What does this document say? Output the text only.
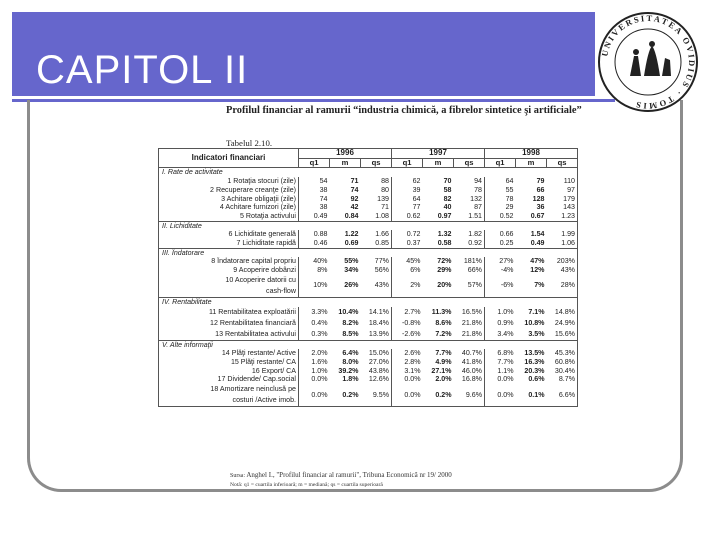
CAPITOL II	UNIVERSITATEA OVIDIUS · TOMIS
Profilul financiar al ramurii “industria chimică, a fibrelor sintetice şi artificiale”
Tabelul 2.10.
Indicatori financiari	1996			1997			1998		
	q1	m	qs	q1	m	qs	q1	m	qs
I. Rate de activitate									
1 Rotaţia stocuri (zile)	54	71	88	62	70	94	64	79	110
2 Recuperare creanţe (zile)	38	74	80	39	58	78	55	66	97
3 Achitare obligaţii (zile)	74	92	139	64	82	132	78	128	179
4 Achitare furnizori (zile)	38	42	71	77	40	87	29	36	143
5 Rotaţia activului	0.49	0.84	1.08	0.62	0.97	1.51	0.52	0.67	1.23
II. Lichiditate									
6 Lichiditate generală	0.88	1.22	1.66	0.72	1.32	1.82	0.66	1.54	1.99
7 Lichiditate rapidă	0.46	0.69	0.85	0.37	0.58	0.92	0.25	0.49	1.06
III. Îndatorare									
8 Îndatorare capital propriu	40%	55%	77%	45%	72%	181%	27%	47%	203%
9 Acoperire dobânzi	8%	34%	56%	6%	29%	66%	-4%	12%	43%
10 Acoperire datorii cu
cash-flow	10%	26%	43%	2%	20%	57%	-6%	7%	28%
IV. Rentabilitate									
11 Rentabilitatea exploatării	3.3%	10.4%	14.1%	2.7%	11.3%	16.5%	1.0%	7.1%	14.8%
12 Rentabilitatea financiară	0.4%	8.2%	18.4%	-0.8%	8.6%	21.8%	0.9%	10.8%	24.9%
13 Rentabilitatea activului	0.3%	8.5%	13.9%	-2.6%	7.2%	21.8%	3.4%	3.5%	15.6%
V. Alte informaţii									
14 Plăţi restante/ Active	2.0%	6.4%	15.0%	2.6%	7.7%	40.7%	6.8%	13.5%	45.3%
15 Plăţi restante/ CA	1.6%	8.0%	27.0%	2.8%	4.9%	41.8%	7.7%	16.3%	60.8%
16 Export/ CA	1.0%	39.2%	43.8%	3.1%	27.1%	46.0%	1.1%	20.3%	30.4%
17 Dividende/ Cap.social	0.0%	1.8%	12.6%	0.0%	2.0%	16.8%	0.0%	0.6%	8.7%
18 Amortizare neinclusă pe
costuri /Active imob.	0.0%	0.2%	9.5%	0.0%	0.2%	9.6%	0.0%	0.1%	6.6%
Sursa: Anghel I., "Profilul financiar al ramurii", Tribuna Economică nr 19/ 2000
Notă: q1 = cuartila inferioară; m = mediană; qs = cuartila superioară
